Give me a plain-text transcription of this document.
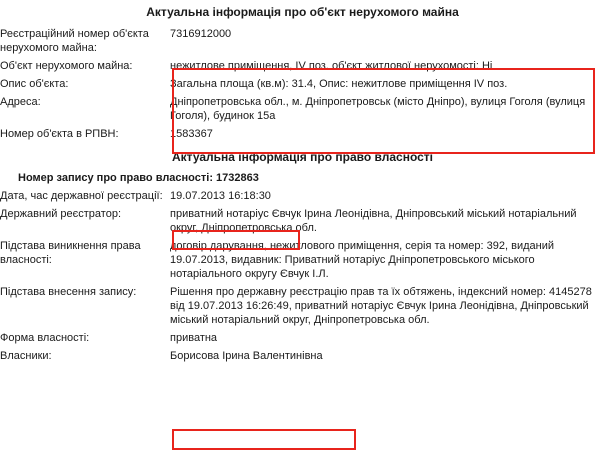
Актуальна інформація про об'єкт нерухомого майна
Реєстраційний номер об'єкта нерухомого майна:	7316912000
Об'єкт нерухомого майна:	нежитлове приміщення, IV поз. об'єкт житлової нерухомості: Ні
Опис об'єкта:	Загальна площа (кв.м): 31.4, Опис: нежитлове приміщення IV поз.
Адреса:	Дніпропетровська обл., м. Дніпропетровськ (місто Дніпро), вулиця Гоголя (вулиця Гоголя), будинок 15а
Номер об'єкта в РПВН:	1583367
Актуальна інформація про право власності
Номер запису про право власності: 1732863
Дата, час державної реєстрації:	19.07.2013 16:18:30
Державний реєстратор:	приватний нотаріус Євчук Ірина Леонідівна, Дніпровський міський нотаріальний округ, Дніпропетровська обл.
Підстава виникнення права власності:	договір дарування, нежитлового приміщення, серія та номер: 392, виданий 19.07.2013, видавник: Приватний нотаріус Дніпропетровського міського нотаріального округу Євчук І.Л.
Підстава внесення запису:	Рішення про державну реєстрацію прав та їх обтяжень, індексний номер: 4145278 від 19.07.2013 16:26:49, приватний нотаріус Євчук Ірина Леонідівна, Дніпровський міський нотаріальний округ, Дніпропетровська обл.
Форма власності:	приватна
Власники:	Борисова Ірина Валентинівна
